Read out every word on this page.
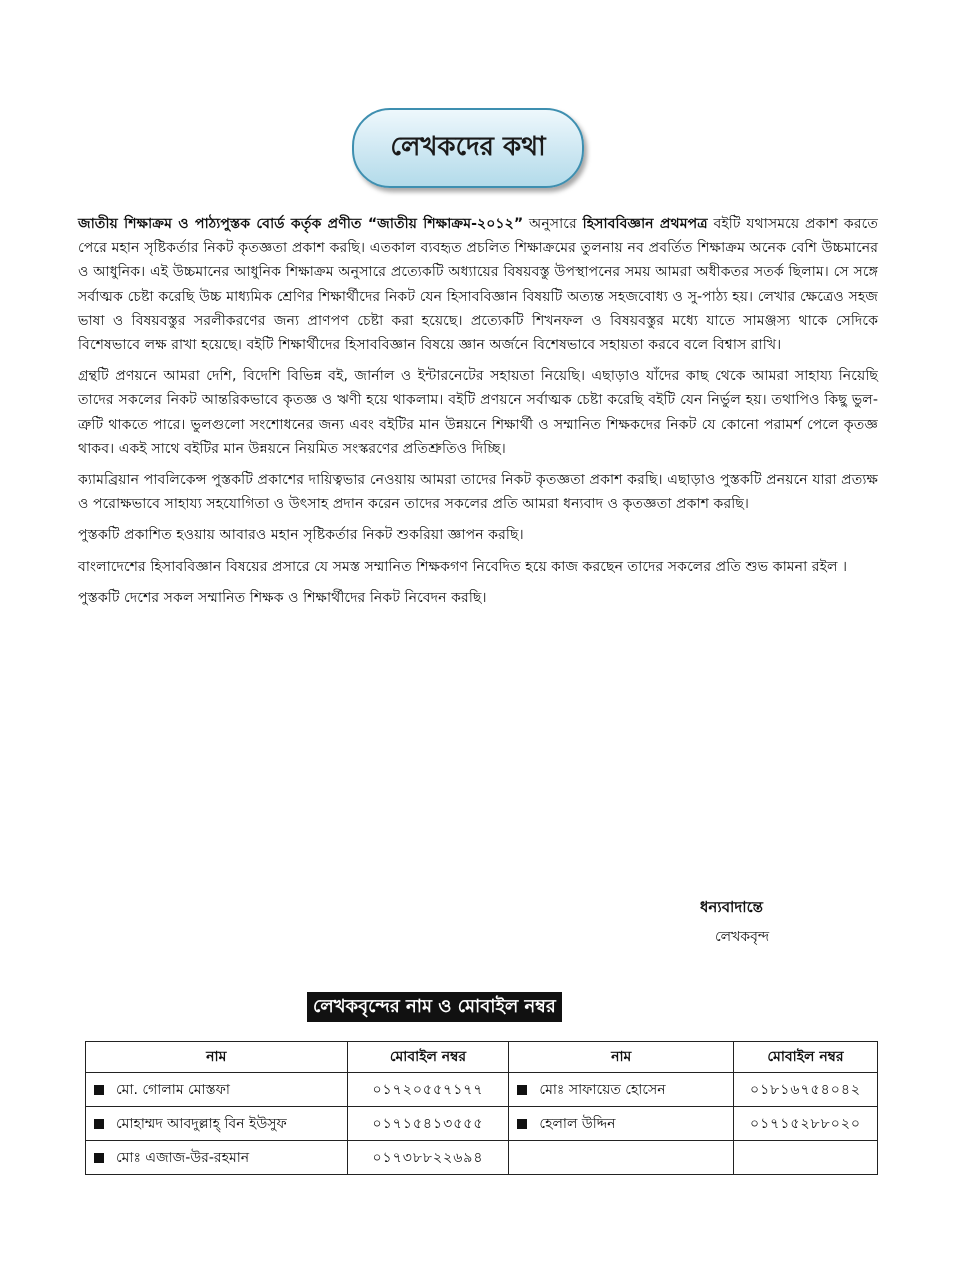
লেখকদের কথা

জাতীয় শিক্ষাক্রম ও পাঠ্যপুস্তক বোর্ড কর্তৃক প্রণীত “জাতীয় শিক্ষাক্রম-২০১২” অনুসারে হিসাববিজ্ঞান প্রথমপত্র বইটি যথাসময়ে প্রকাশ করতে পেরে মহান সৃষ্টিকর্তার নিকট কৃতজ্ঞতা প্রকাশ করছি। এতকাল ব্যবহৃত প্রচলিত শিক্ষাক্রমের তুলনায় নব প্রবর্তিত শিক্ষাক্রম অনেক বেশি উচ্চমানের ও আধুনিক। এই উচ্চমানের আধুনিক শিক্ষাক্রম অনুসারে প্রত্যেকটি অধ্যায়ের বিষয়বস্তু উপস্থাপনের সময় আমরা অধীকতর সতর্ক ছিলাম। সে সঙ্গে সর্বাত্মক চেষ্টা করেছি উচ্চ মাধ্যমিক শ্রেণির শিক্ষার্থীদের নিকট যেন হিসাববিজ্ঞান বিষয়টি অত্যন্ত সহজবোধ্য ও সু-পাঠ্য হয়। লেখার ক্ষেত্রেও সহজ ভাষা ও বিষয়বস্তুর সরলীকরণের জন্য প্রাণপণ চেষ্টা করা হয়েছে। প্রত্যেকটি শিখনফল ও বিষয়বস্তুর মধ্যে যাতে সামঞ্জস্য থাকে সেদিকে বিশেষভাবে লক্ষ রাখা হয়েছে। বইটি শিক্ষার্থীদের হিসাববিজ্ঞান বিষয়ে জ্ঞান অর্জনে বিশেষভাবে সহায়তা করবে বলে বিশ্বাস রাখি।

গ্রন্থটি প্রণয়নে আমরা দেশি, বিদেশি বিভিন্ন বই, জার্নাল ও ইন্টারনেটের সহায়তা নিয়েছি। এছাড়াও যাঁদের কাছ থেকে আমরা সাহায্য নিয়েছি তাদের সকলের নিকট আন্তরিকভাবে কৃতজ্ঞ ও ঋণী হয়ে থাকলাম। বইটি প্রণয়নে সর্বাত্মক চেষ্টা করেছি বইটি যেন নির্ভুল হয়। তথাপিও কিছু ভুল-ত্রুটি থাকতে পারে। ভুলগুলো সংশোধনের জন্য এবং বইটির মান উন্নয়নে শিক্ষার্থী ও সম্মানিত শিক্ষকদের নিকট যে কোনো পরামর্শ পেলে কৃতজ্ঞ থাকব। একই সাথে বইটির মান উন্নয়নে নিয়মিত সংস্করণের প্রতিশ্রুতিও দিচ্ছি।

ক্যামব্রিয়ান পাবলিকেন্স পুস্তকটি প্রকাশের দায়িত্বভার নেওয়ায় আমরা তাদের নিকট কৃতজ্ঞতা প্রকাশ করছি। এছাড়াও পুস্তকটি প্রনয়নে যারা প্রত্যক্ষ ও পরোক্ষভাবে সাহায্য সহযোগিতা ও উৎসাহ প্রদান করেন তাদের সকলের প্রতি আমরা ধন্যবাদ ও কৃতজ্ঞতা প্রকাশ করছি।

পুস্তকটি প্রকাশিত হওয়ায় আবারও মহান সৃষ্টিকর্তার নিকট শুকরিয়া জ্ঞাপন করছি।

বাংলাদেশের হিসাববিজ্ঞান বিষয়ের প্রসারে যে সমস্ত সম্মানিত শিক্ষকগণ নিবেদিত হয়ে কাজ করছেন তাদের সকলের প্রতি শুভ কামনা রইল ।

পুস্তকটি দেশের সকল সম্মানিত শিক্ষক ও শিক্ষার্থীদের নিকট নিবেদন করছি।

ধন্যবাদান্তে
লেখকবৃন্দ
লেখকবৃন্দের নাম ও মোবাইল নম্বর
নাম	মোবাইল নম্বর	নাম	মোবাইল নম্বর
মো. গোলাম মোস্তফা	০১৭২০৫৫৭১৭৭	মোঃ সাফায়েত হোসেন	০১৮১৬৭৫৪০৪২
মোহাম্মদ আবদুল্লাহ্ বিন ইউসুফ	০১৭১৫৪১৩৫৫৫	হেলাল উদ্দিন	০১৭১৫২৮৮০২০
মোঃ এজাজ-উর-রহমান	০১৭৩৮৮২২৬৯৪		
